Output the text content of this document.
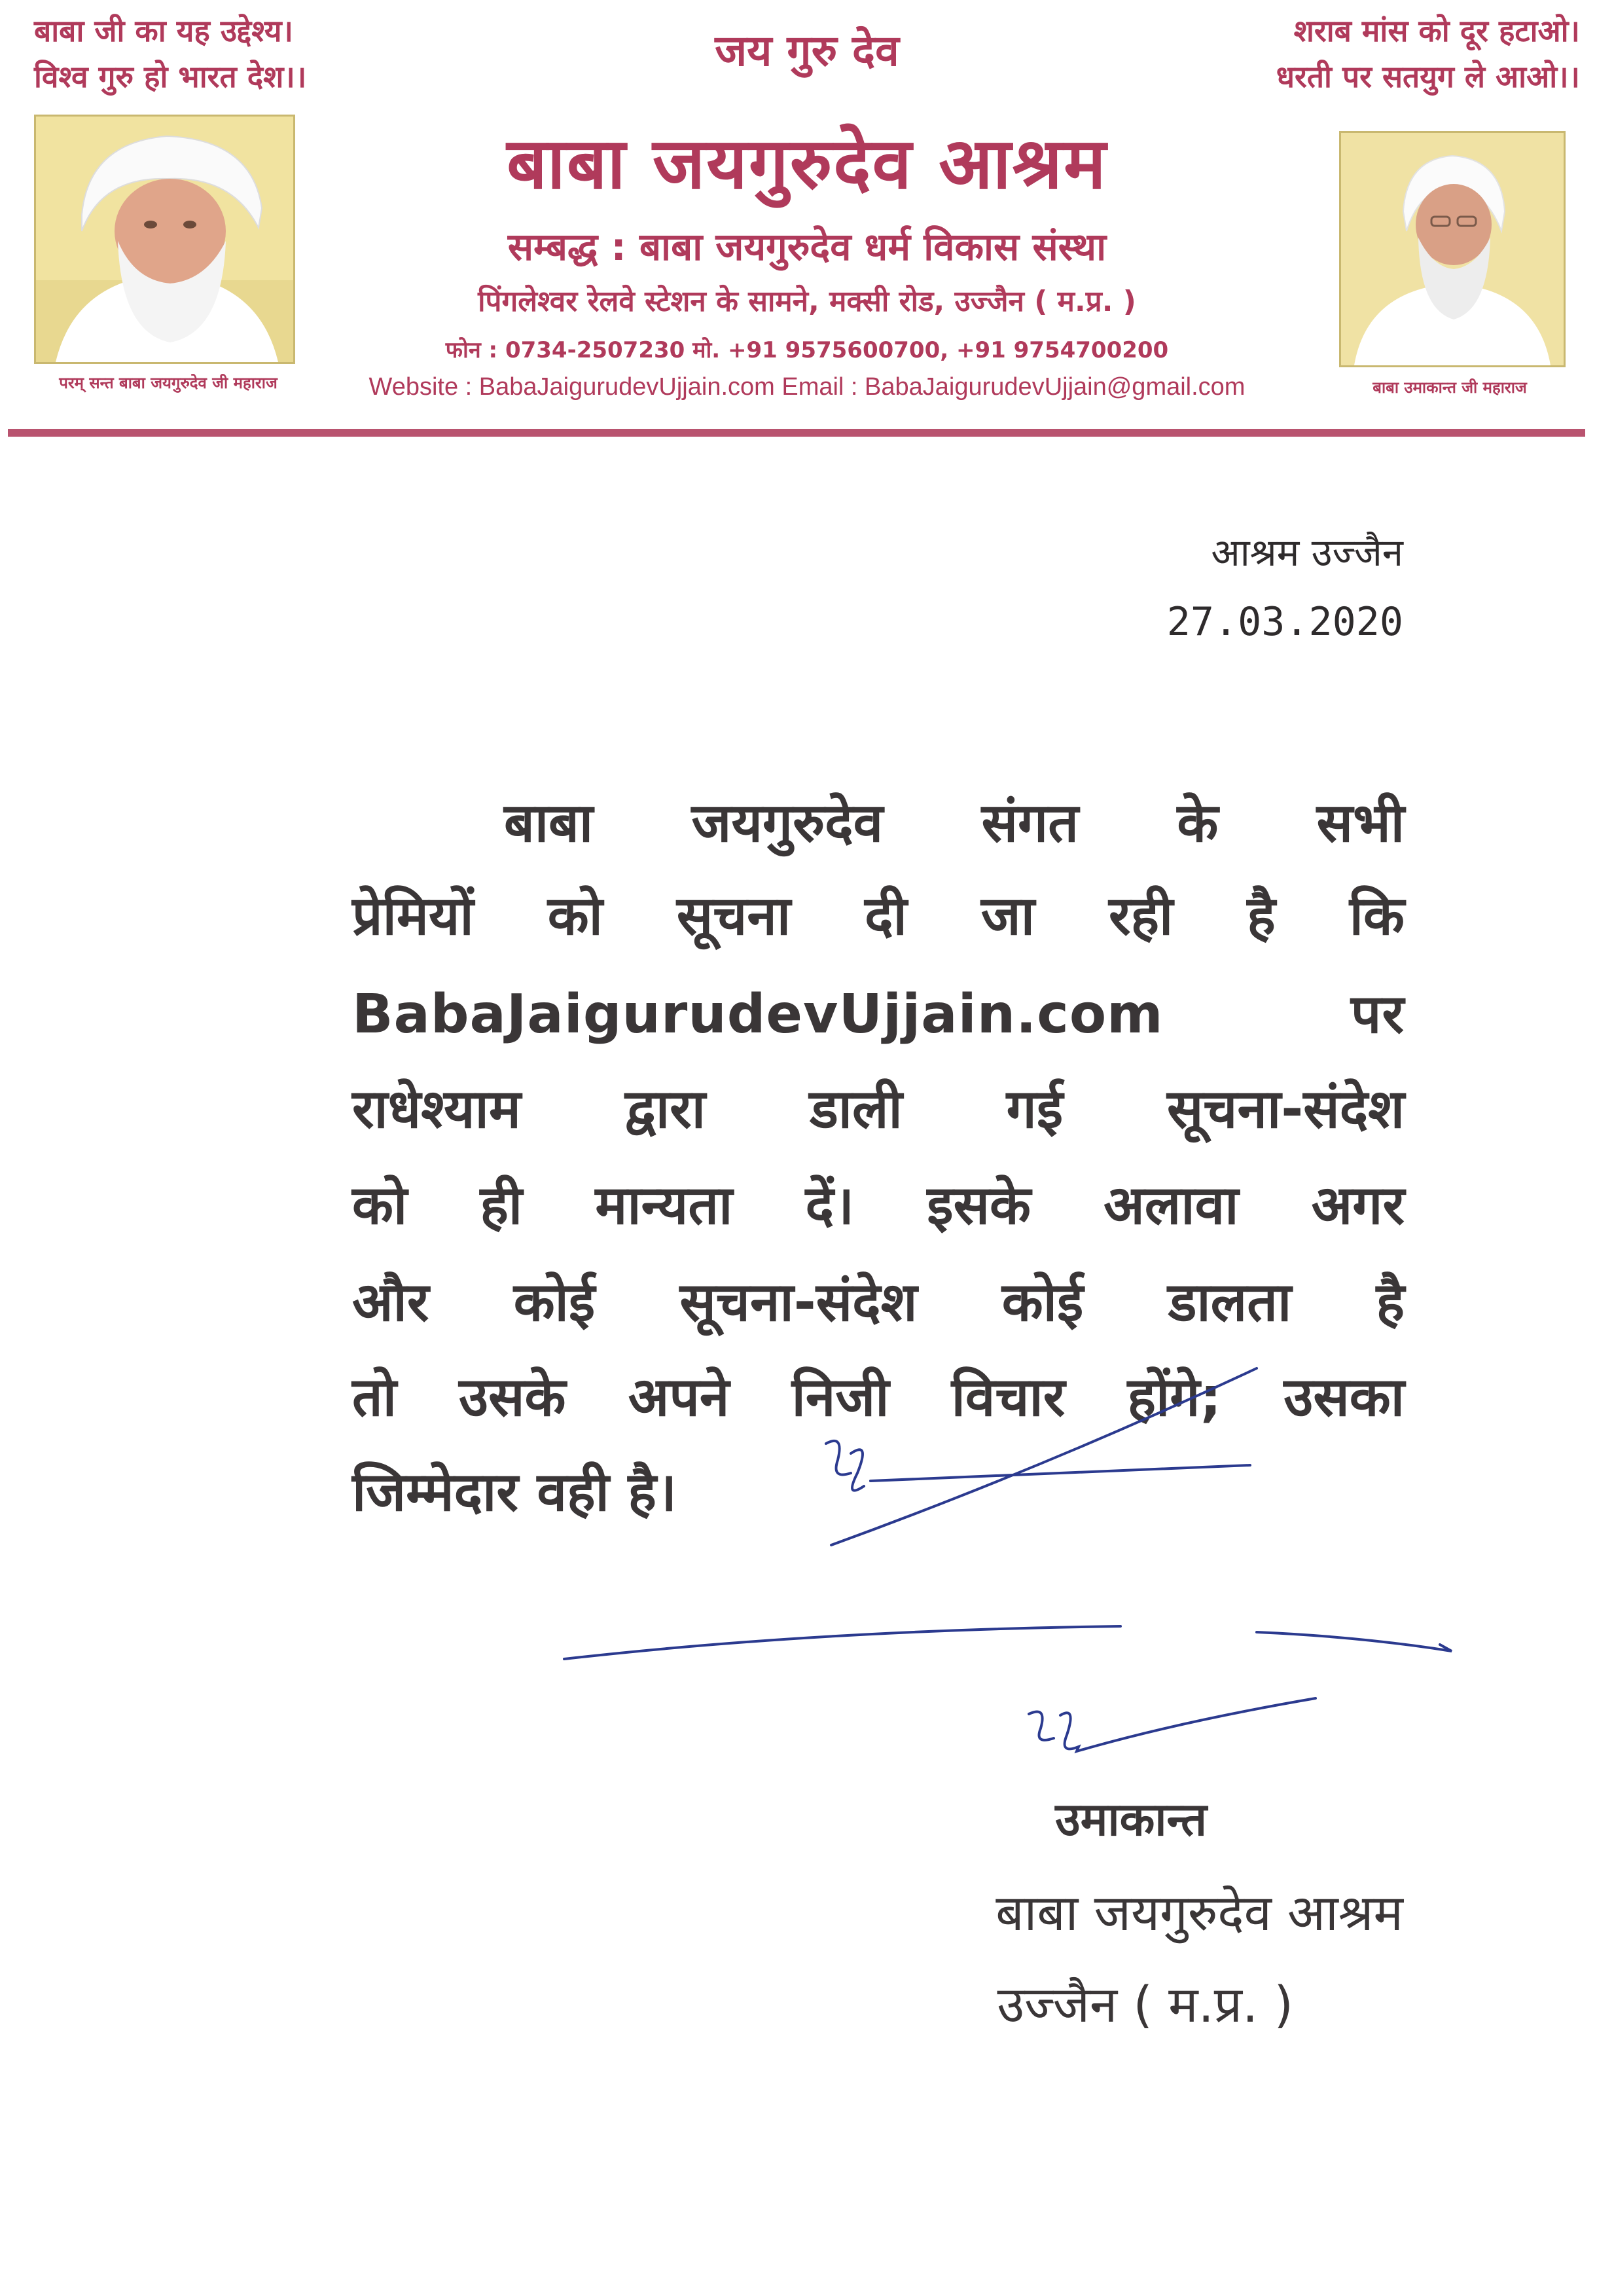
बाबा जी का यह उद्देश्य।
विश्व गुरु हो भारत देश।।
शराब मांस को दूर हटाओ।
धरती पर सतयुग ले आओ।।
जय गुरु देव
बाबा जयगुरुदेव आश्रम
सम्बद्ध : बाबा जयगुरुदेव धर्म विकास संस्था
पिंगलेश्वर रेलवे स्टेशन के सामने, मक्सी रोड, उज्जैन ( म.प्र. )
फोन : 0734-2507230 मो. +91 9575600700, +91 9754700200
Website : BabaJaigurudevUjjain.com Email : BabaJaigurudevUjjain@gmail.com
परम् सन्त बाबा जयगुरुदेव जी महाराज	बाबा उमाकान्त जी महाराज
आश्रम उज्जैन
27.03.2020
बाबा जयगुरुदेव संगत के सभी
प्रेमियों को सूचना दी जा रही है कि
BabaJaigurudevUjjain.com पर
राधेश्याम द्वारा डाली गई सूचना-संदेश
को ही मान्यता दें। इसके अलावा अगर
और कोई सूचना-संदेश कोई डालता है
तो उसके अपने निजी विचार होंगे; उसका
जिम्मेदार वही है।
उमाकान्त
बाबा जयगुरुदेव आश्रम
उज्जैन ( म.प्र. )
